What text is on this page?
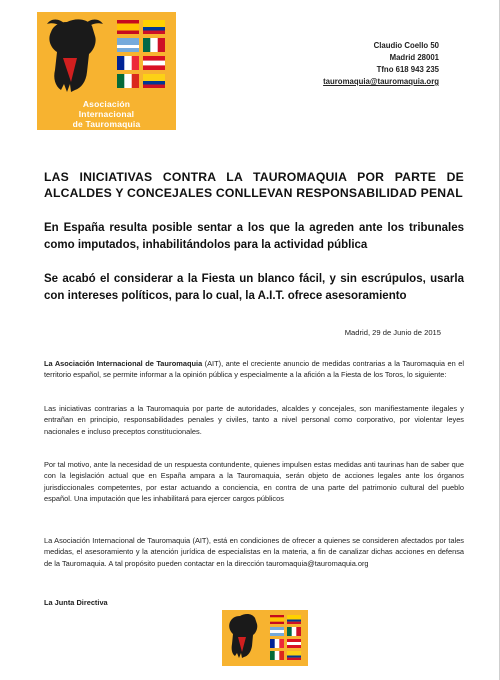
Asociación
Internacional
de Tauromaquia
Claudio Coello 50
Madrid 28001
Tfno 618 943 235
tauromaquia@tauromaquia.org
LAS INICIATIVAS CONTRA LA TAUROMAQUIA POR PARTE DE ALCALDES Y CONCEJALES CONLLEVAN RESPONSABILIDAD PENAL
En España resulta posible sentar a los que la agreden ante los tribunales como imputados, inhabilitándolos para la actividad pública
Se acabó el considerar a la Fiesta un blanco fácil, y sin escrúpulos, usarla con intereses políticos, para lo cual, la A.I.T. ofrece asesoramiento
Madrid, 29 de Junio de 2015
La Asociación Internacional de Tauromaquia (AIT), ante el creciente anuncio de medidas contrarias a la Tauromaquia en el territorio español, se permite informar a la opinión pública y especialmente a la afición a la Fiesta de los Toros, lo siguiente:
Las iniciativas contrarias a la Tauromaquia por parte de autoridades, alcaldes y concejales, son manifiestamente ilegales y entrañan en principio, responsabilidades penales y civiles, tanto a nivel personal como corporativo, por violentar leyes nacionales e incluso preceptos constitucionales.
Por tal motivo, ante la necesidad de un respuesta contundente, quienes impulsen estas medidas anti taurinas han de saber que con la legislación actual que en España ampara a la Tauromaquia, serán objeto de acciones legales ante los órganos jurisdiccionales competentes, por estar actuando a conciencia, en contra de una parte del patrimonio cultural del pueblo español. Una imputación que les inhabilitará para ejercer cargos públicos
La Asociación Internacional de Tauromaquia (AIT), está en condiciones de ofrecer a quienes se consideren afectados por tales medidas, el asesoramiento y la atención jurídica de especialistas en la materia, a fin de canalizar dichas acciones en defensa de la Tauromaquia. A tal propósito pueden contactar en la dirección tauromaquia@tauromaquia.org
La Junta Directiva
